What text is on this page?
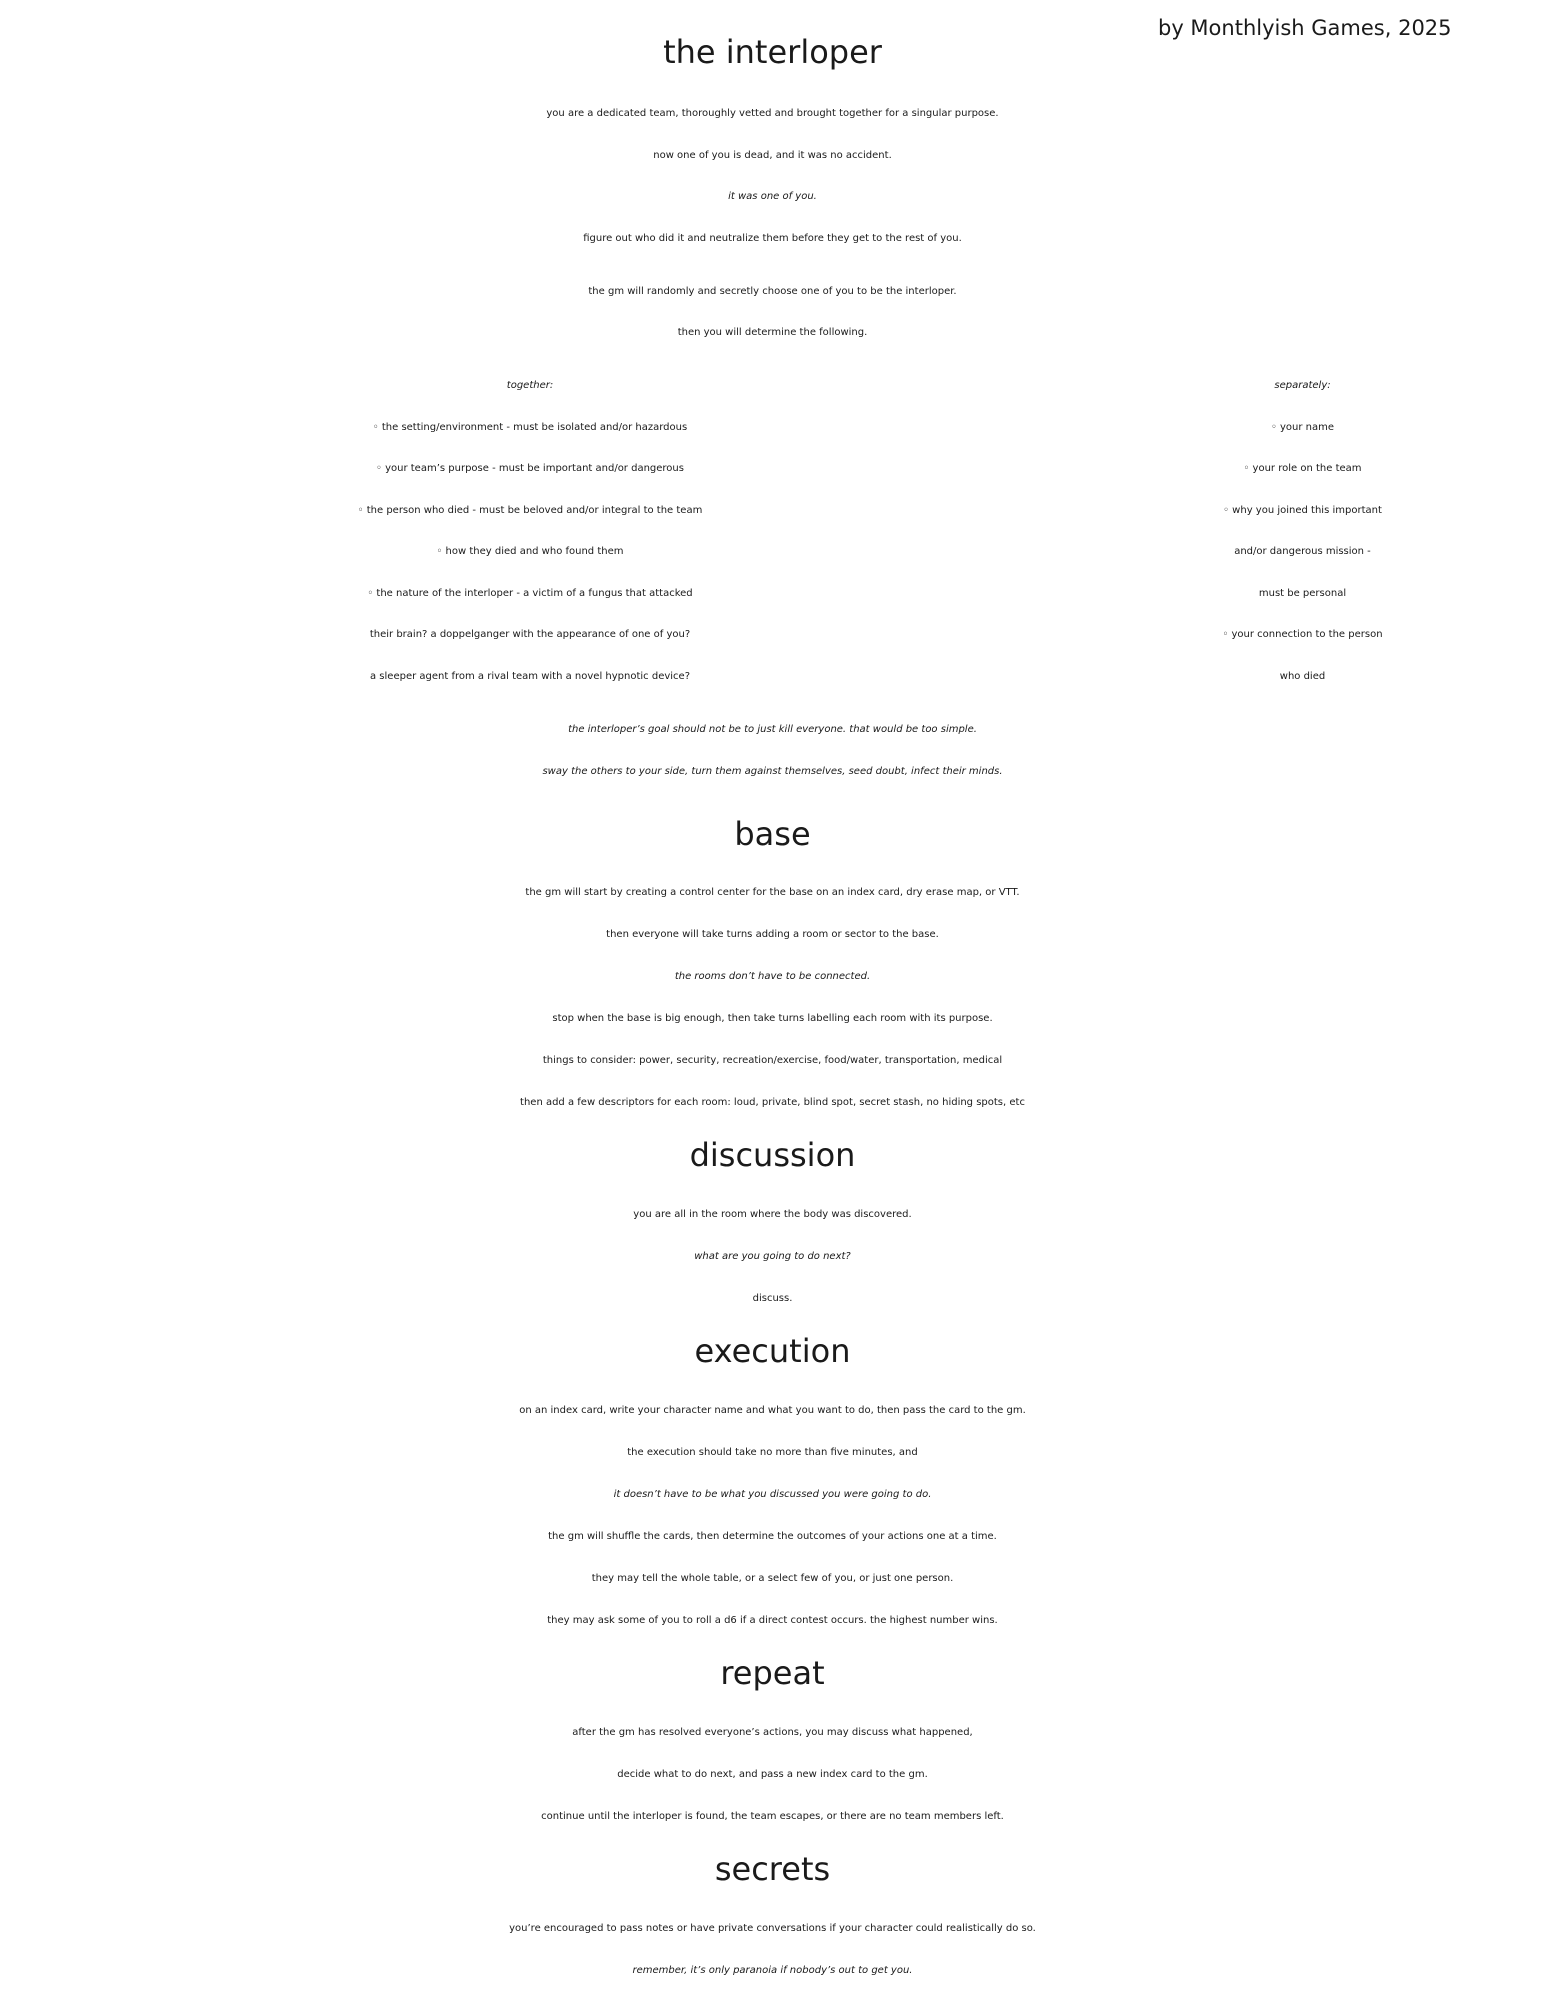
by Monthlyish Games, 2025
the interloper
you are a dedicated team, thoroughly vetted and brought together for a singular purpose.
now one of you is dead, and it was no accident.
it was one of you.
figure out who did it and neutralize them before they get to the rest of you.
the gm will randomly and secretly choose one of you to be the interloper.
then you will determine the following.
together:
◦ the setting/environment - must be isolated and/or hazardous
◦ your team’s purpose - must be important and/or dangerous
◦ the person who died - must be beloved and/or integral to the team
◦ how they died and who found them
◦ the nature of the interloper - a victim of a fungus that attacked
their brain? a doppelganger with the appearance of one of you?
a sleeper agent from a rival team with a novel hypnotic device?
separately:
◦ your name
◦ your role on the team
◦ why you joined this important
and/or dangerous mission -
must be personal
◦ your connection to the person
who died
the interloper’s goal should not be to just kill everyone. that would be too simple.
sway the others to your side, turn them against themselves, seed doubt, infect their minds.
base
the gm will start by creating a control center for the base on an index card, dry erase map, or VTT.
then everyone will take turns adding a room or sector to the base.
the rooms don’t have to be connected.
stop when the base is big enough, then take turns labelling each room with its purpose.
things to consider: power, security, recreation/exercise, food/water, transportation, medical
then add a few descriptors for each room: loud, private, blind spot, secret stash, no hiding spots, etc
discussion
you are all in the room where the body was discovered.
what are you going to do next?
discuss.
execution
on an index card, write your character name and what you want to do, then pass the card to the gm.
the execution should take no more than five minutes, and
it doesn’t have to be what you discussed you were going to do.
the gm will shuffle the cards, then determine the outcomes of your actions one at a time.
they may tell the whole table, or a select few of you, or just one person.
they may ask some of you to roll a d6 if a direct contest occurs. the highest number wins.
repeat
after the gm has resolved everyone’s actions, you may discuss what happened,
decide what to do next, and pass a new index card to the gm.
continue until the interloper is found, the team escapes, or there are no team members left.
secrets
you’re encouraged to pass notes or have private conversations if your character could realistically do so.
remember, it’s only paranoia if nobody’s out to get you.
